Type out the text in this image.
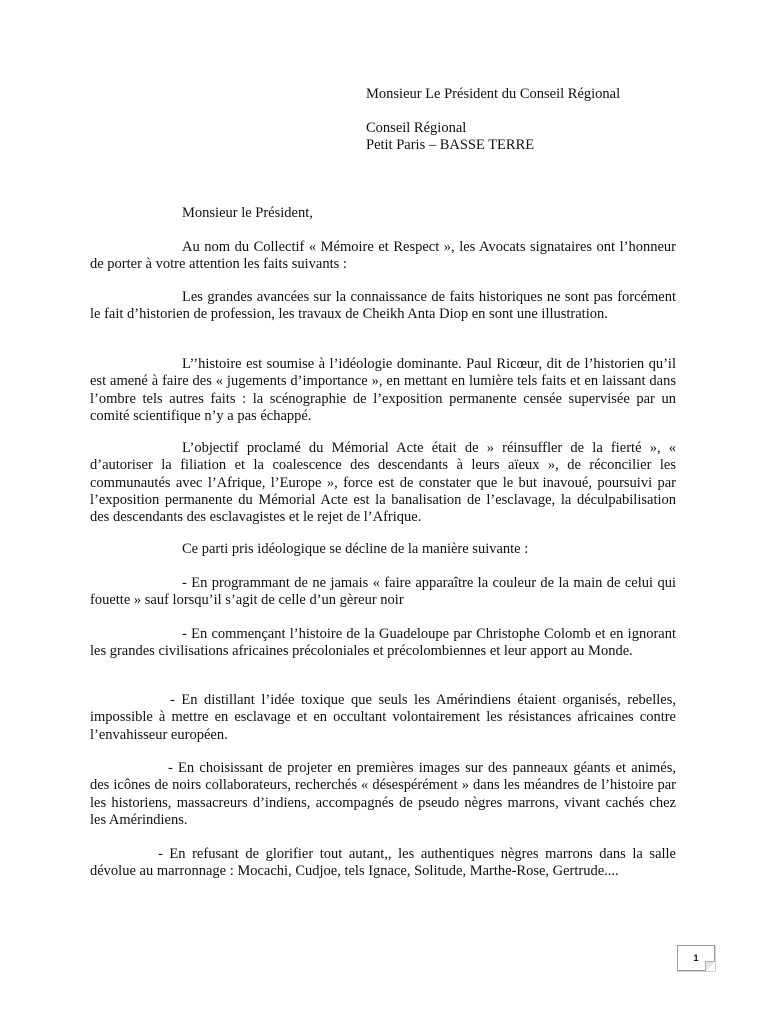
Monsieur Le Président du Conseil Régional
Conseil Régional
Petit Paris – BASSE TERRE
Monsieur le Président,

Au nom du Collectif « Mémoire et Respect », les Avocats signataires ont l’honneur de porter à votre attention les faits suivants :

Les grandes avancées sur la connaissance de faits historiques ne sont pas forcément le fait d’historien de profession, les travaux de Cheikh Anta Diop en sont une illustration.

L’’histoire est soumise à l’idéologie dominante. Paul Ricœur, dit de l’historien qu’il est amené à faire des « jugements d’importance », en mettant en lumière tels faits et en laissant dans l’ombre tels autres faits : la scénographie de l’exposition permanente censée supervisée par un comité scientifique n’y a pas échappé.

L’objectif proclamé du Mémorial Acte était de » réinsuffler de la fierté », « d’autoriser la filiation et la coalescence des descendants à leurs aïeux », de réconcilier les communautés avec l’Afrique, l’Europe », force est de constater que le but inavoué, poursuivi par l’exposition permanente du Mémorial Acte est la banalisation de l’esclavage, la déculpabilisation des descendants des esclavagistes et le rejet de l’Afrique.

Ce parti pris idéologique se décline de la manière suivante :

- En programmant de ne jamais « faire apparaître la couleur de la main de celui qui fouette » sauf lorsqu’il s’agit de celle d’un gèreur noir

- En commençant l’histoire de la Guadeloupe par Christophe Colomb et en ignorant les grandes civilisations africaines précoloniales et précolombiennes et leur apport au Monde.

- En distillant l’idée toxique que seuls les Amérindiens étaient organisés, rebelles, impossible à mettre en esclavage et en occultant volontairement les résistances africaines contre l’envahisseur européen.

- En choisissant de projeter en premières images sur des panneaux géants et animés, des icônes de noirs collaborateurs, recherchés « désespérément » dans les méandres de l’histoire par les historiens, massacreurs d’indiens, accompagnés de pseudo nègres marrons, vivant cachés chez les Amérindiens.

- En refusant de glorifier tout autant,, les authentiques nègres marrons dans la salle dévolue au marronnage : Mocachi, Cudjoe, tels Ignace, Solitude, Marthe-Rose, Gertrude....

1
